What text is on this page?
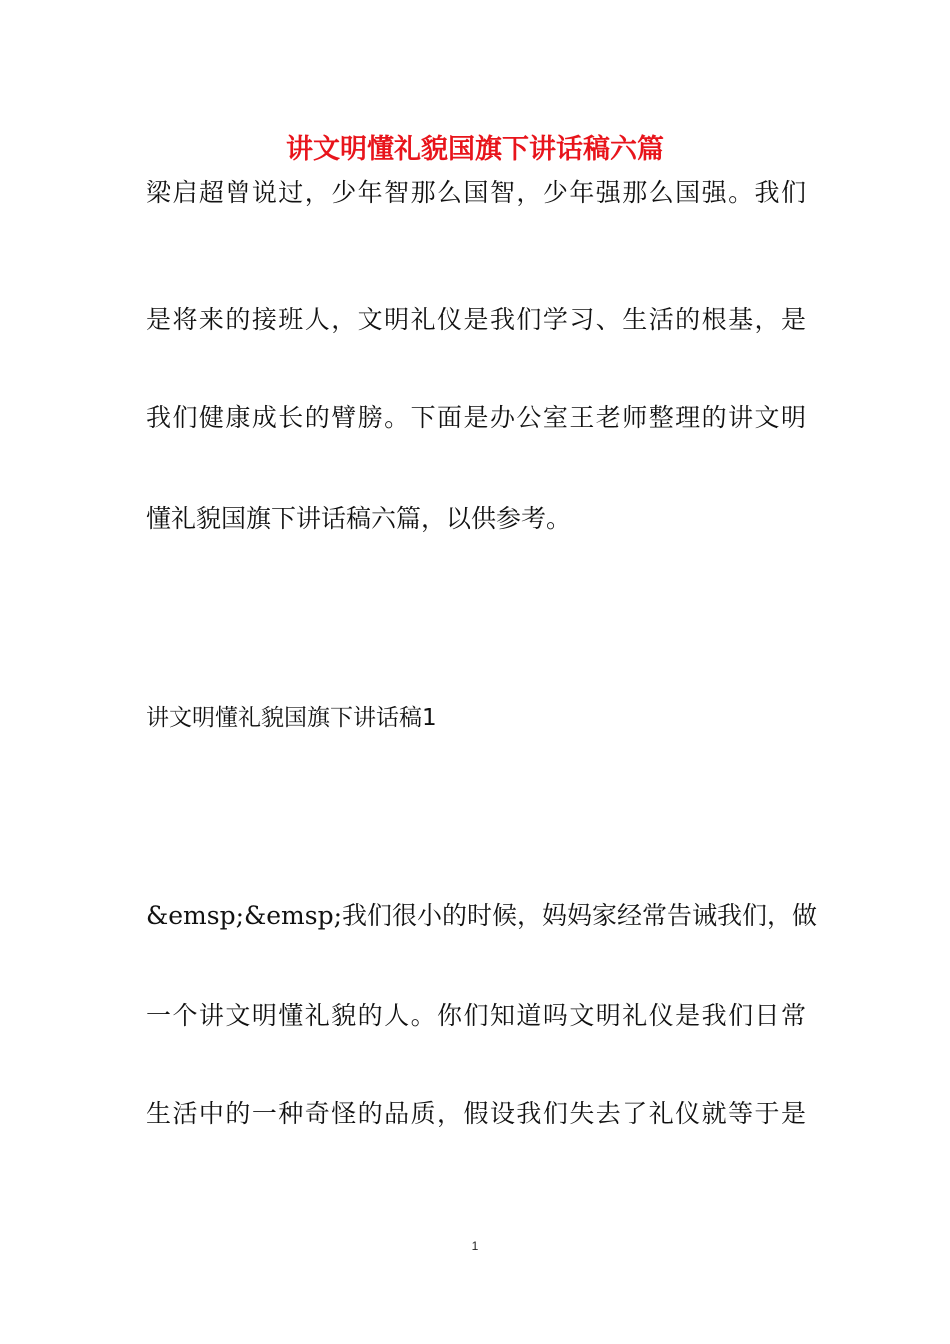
讲文明懂礼貌国旗下讲话稿六篇
梁启超曾说过，少年智那么国智，少年强那么国强。我们
是将来的接班人，文明礼仪是我们学习、生活的根基，是
我们健康成长的臂膀。下面是办公室王老师整理的讲文明
懂礼貌国旗下讲话稿六篇，以供参考。
讲文明懂礼貌国旗下讲话稿1
&emsp;&emsp;我们很小的时候，妈妈家经常告诫我们，做
一个讲文明懂礼貌的人。你们知道吗文明礼仪是我们日常
生活中的一种奇怪的品质，假设我们失去了礼仪就等于是
1
